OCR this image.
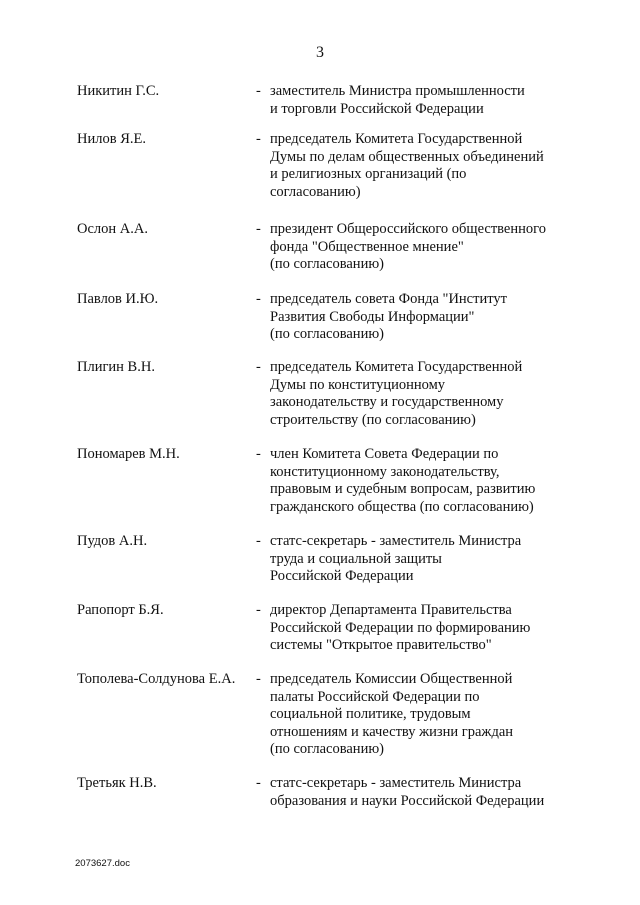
3
Никитин Г.С.	- заместитель Министра промышленности
и торговли Российской Федерации
Нилов Я.Е.	- председатель Комитета Государственной
Думы по делам общественных объединений
и религиозных организаций (по
согласованию)
Ослон А.А.	- президент Общероссийского общественного
фонда "Общественное мнение"
(по согласованию)
Павлов И.Ю.	- председатель совета Фонда "Институт
Развития Свободы Информации"
(по согласованию)
Плигин В.Н.	- председатель Комитета Государственной
Думы по конституционному
законодательству и государственному
строительству (по согласованию)
Пономарев М.Н.	- член Комитета Совета Федерации по
конституционному законодательству,
правовым и судебным вопросам, развитию
гражданского общества (по согласованию)
Пудов А.Н.	- статс-секретарь - заместитель Министра
труда и социальной защиты
Российской Федерации
Рапопорт Б.Я.	- директор Департамента Правительства
Российской Федерации по формированию
системы "Открытое правительство"
Тополева-Солдунова Е.А. - председатель Комиссии Общественной
палаты Российской Федерации по
социальной политике, трудовым
отношениям и качеству жизни граждан
(по согласованию)
Третьяк Н.В.	- статс-секретарь - заместитель Министра
образования и науки Российской Федерации
2073627.doc
